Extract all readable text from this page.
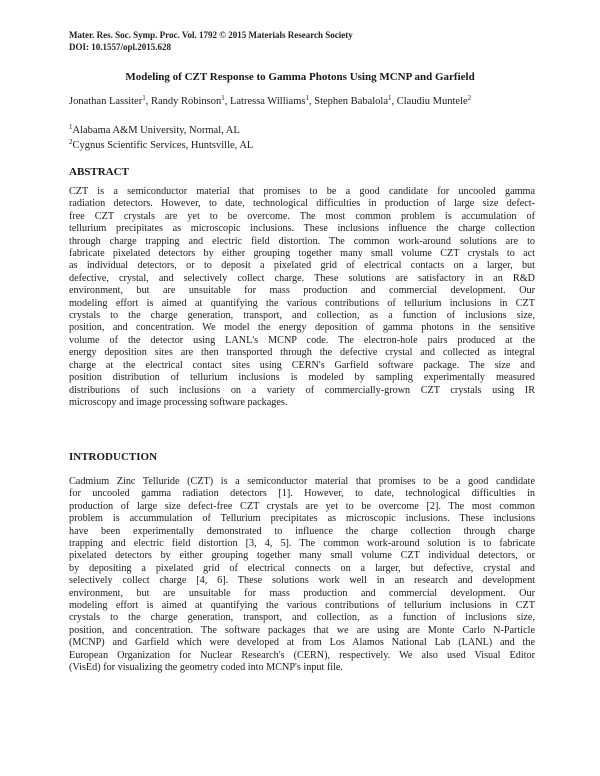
Mater. Res. Soc. Symp. Proc. Vol. 1792 © 2015 Materials Research Society
DOI: 10.1557/opl.2015.628
Modeling of CZT Response to Gamma Photons Using MCNP and Garfield
Jonathan Lassiter$^1$, Randy Robinson$^1$, Latressa Williams$^1$, Stephen Babalola$^1$, Claudiu Muntele$^2$
$^1$Alabama A&M University, Normal, AL
$^2$Cygnus Scientific Services, Huntsville, AL
ABSTRACT
CZT is a semiconductor material that promises to be a good candidate for uncooled gamma
radiation detectors. However, to date, technological difficulties in production of large size defect-
free CZT crystals are yet to be overcome. The most common problem is accumulation of
tellurium precipitates as microscopic inclusions. These inclusions influence the charge collection
through charge trapping and electric field distortion. The common work-around solutions are to
fabricate pixelated detectors by either grouping together many small volume CZT crystals to act
as individual detectors, or to deposit a pixelated grid of electrical contacts on a larger, but
defective, crystal, and selectively collect charge. These solutions are satisfactory in an R&D
environment, but are unsuitable for mass production and commercial development. Our
modeling effort is aimed at quantifying the various contributions of tellurium inclusions in CZT
crystals to the charge generation, transport, and collection, as a function of inclusions size,
position, and concentration. We model the energy deposition of gamma photons in the sensitive
volume of the detector using LANL's MCNP code. The electron-hole pairs produced at the
energy deposition sites are then transported through the defective crystal and collected as integral
charge at the electrical contact sites using CERN's Garfield software package. The size and
position distribution of tellurium inclusions is modeled by sampling experimentally measured
distributions of such inclusions on a variety of commercially-grown CZT crystals using IR
microscopy and image processing software packages.
INTRODUCTION
Cadmium Zinc Telluride (CZT) is a semiconductor material that promises to be a good candidate
for uncooled gamma radiation detectors [1]. However, to date, technological difficulties in
production of large size defect-free CZT crystals are yet to be overcome [2]. The most common
problem is accummulation of Tellurium precipitates as microscopic inclusions. These inclusions
have been experimentally demonstrated to influence the charge collection through charge
trapping and electric field distortion [3, 4, 5]. The common work-around solution is to fabricate
pixelated detectors by either grouping together many small volume CZT individual detectors, or
by depositing a pixelated grid of electrical connects on a larger, but defective, crystal and
selectively collect charge [4, 6]. These solutions work well in an research and development
environment, but are unsuitable for mass production and commercial development. Our
modeling effort is aimed at quantifying the various contributions of tellurium inclusions in CZT
crystals to the charge generation, transport, and collection, as a function of inclusions size,
position, and concentration. The software packages that we are using are Monte Carlo N-Particle
(MCNP) and Garfield which were developed at from Los Alamos National Lab (LANL) and the
European Organization for Nuclear Research's (CERN), respectively. We also used Visual Editor
(VisEd) for visualizing the geometry coded into MCNP's input file.
